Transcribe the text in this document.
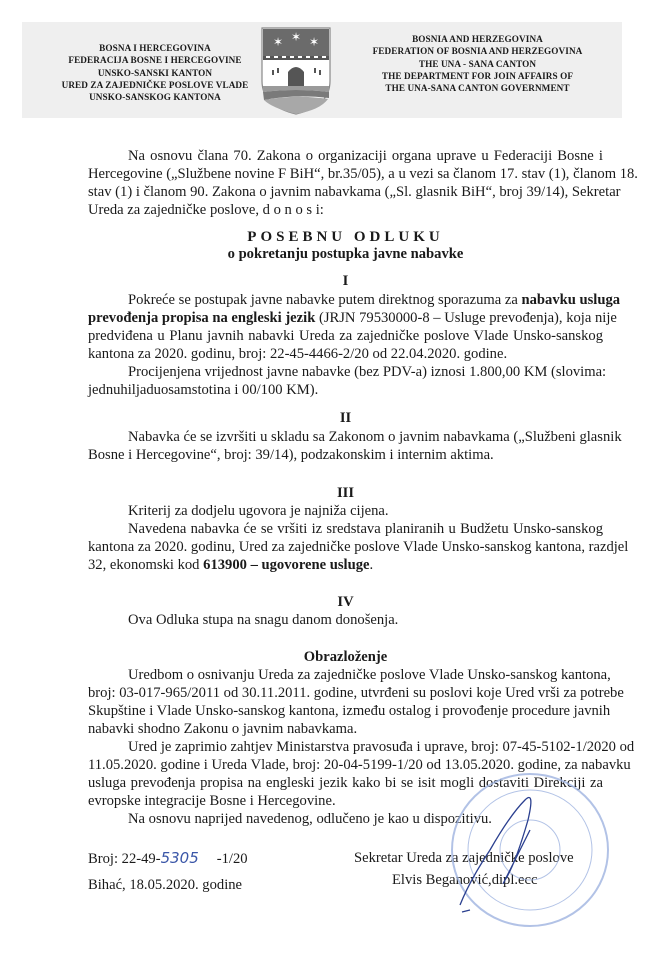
BOSNA I HERCEGOVINA
FEDERACIJA BOSNE I HERCEGOVINE
UNSKO-SANSKI KANTON
URED ZA ZAJEDNIČKE POSLOVE VLADE
UNSKO-SANSKOG KANTONA
BOSNIA AND HERZEGOVINA
FEDERATION OF BOSNIA AND HERZEGOVINA
THE UNA - SANA CANTON
THE DEPARTMENT FOR JOIN AFFAIRS OF
THE UNA-SANA CANTON GOVERNMENT
✶ ✶ ✶
Na osnovu člana 70. Zakona o organizaciji organa uprave u Federaciji Bosne i
Hercegovine („Službene novine F BiH“, br.35/05), a u vezi sa članom 17. stav (1), članom 18.
stav (1) i članom 90. Zakona o javnim nabavkama („Sl. glasnik BiH“, broj 39/14), Sekretar
Ureda za zajedničke poslove, d o n o s i:
POSEBNU ODLUKU
o pokretanju postupka javne nabavke
I
Pokreće se postupak javne nabavke putem direktnog sporazuma za nabavku usluga
prevođenja propisa na engleski jezik (JRJN 79530000-8 – Usluge prevođenja), koja nije
predviđena u Planu javnih nabavki Ureda za zajedničke poslove Vlade Unsko-sanskog
kantona za 2020. godinu, broj: 22-45-4466-2/20 od 22.04.2020. godine.
Procijenjena vrijednost javne nabavke (bez PDV-a) iznosi 1.800,00 KM (slovima:
jednuhiljaduosamstotina i 00/100 KM).
II
Nabavka će se izvršiti u skladu sa Zakonom o javnim nabavkama („Službeni glasnik
Bosne i Hercegovine“, broj: 39/14), podzakonskim i internim aktima.
III
Kriterij za dodjelu ugovora je najniža cijena.
Navedena nabavka će se vršiti iz sredstava planiranih u Budžetu Unsko-sanskog
kantona za 2020. godinu, Ured za zajedničke poslove Vlade Unsko-sanskog kantona, razdjel
32, ekonomski kod 613900 – ugovorene usluge.
IV
Ova Odluka stupa na snagu danom donošenja.
Obrazloženje
Uredbom o osnivanju Ureda za zajedničke poslove Vlade Unsko-sanskog kantona,
broj: 03-017-965/2011 od 30.11.2011. godine, utvrđeni su poslovi koje Ured vrši za potrebe
Skupštine i Vlade Unsko-sanskog kantona, između ostalog i provođenje procedure javnih
nabavki shodno Zakonu o javnim nabavkama.
Ured je zaprimio zahtjev Ministarstva pravosuđa i uprave, broj: 07-45-5102-1/2020 od
11.05.2020. godine i Ureda Vlade, broj: 20-04-5199-1/20 od 13.05.2020. godine, za nabavku
usluga prevođenja propisa na engleski jezik kako bi se isit mogli dostaviti Direkciji za
evropske integracije Bosne i Hercegovine.
Na osnovu naprijed navedenog, odlučeno je kao u dispozitivu.
Broj: 22-49-5305 -1/20
Bihać, 18.05.2020. godine
Sekretar Ureda za zajedničke poslove
Elvis Beganović,dipl.ecc
